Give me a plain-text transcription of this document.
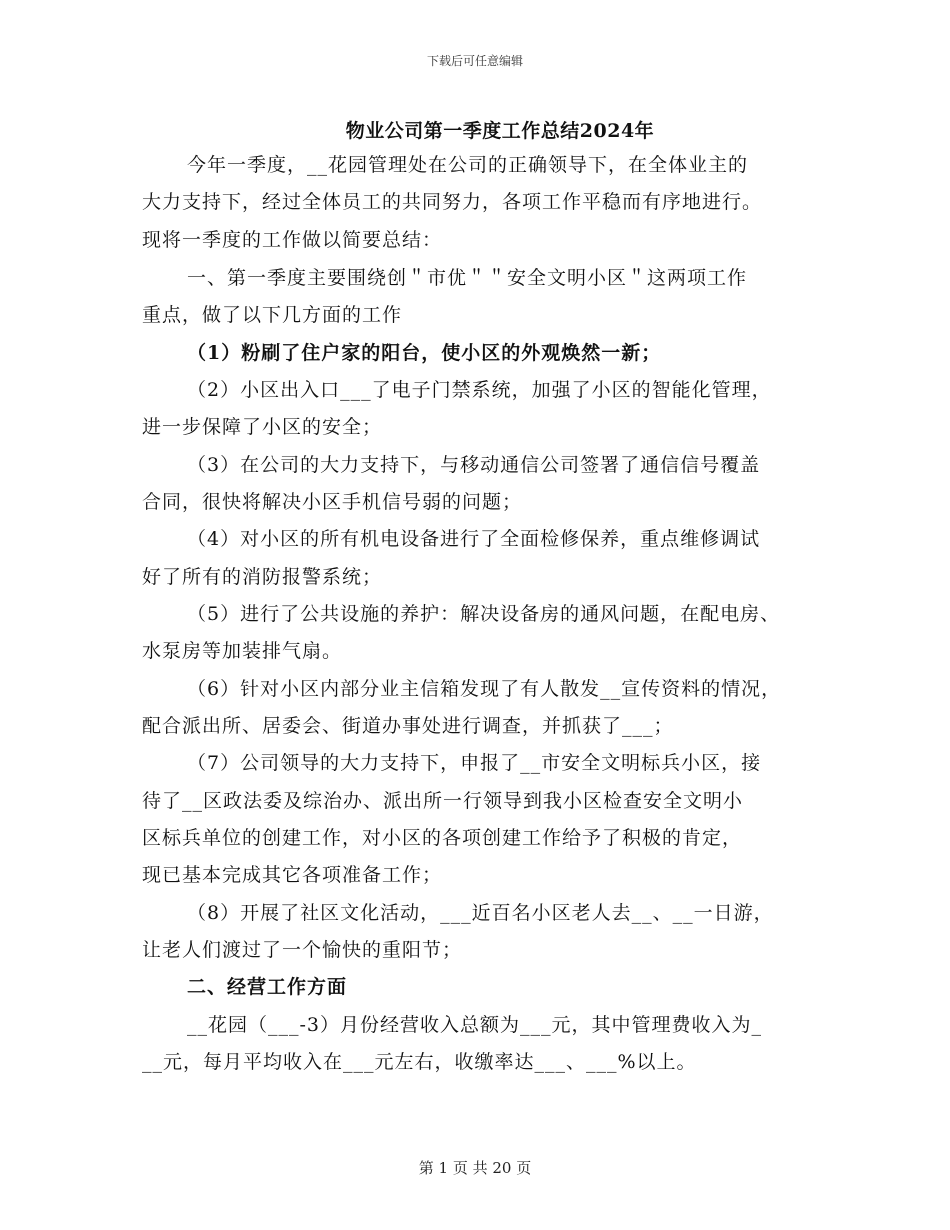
下载后可任意编辑
物业公司第一季度工作总结2024年
今年一季度，__花园管理处在公司的正确领导下，在全体业主的
大力支持下，经过全体员工的共同努力，各项工作平稳而有序地进行。
现将一季度的工作做以简要总结：
一、第一季度主要围绕创＂市优＂＂安全文明小区＂这两项工作
重点，做了以下几方面的工作
（1）粉刷了住户家的阳台，使小区的外观焕然一新；
（2）小区出入口___了电子门禁系统，加强了小区的智能化管理，
进一步保障了小区的安全；
（3）在公司的大力支持下，与移动通信公司签署了通信信号覆盖
合同，很快将解决小区手机信号弱的问题；
（4）对小区的所有机电设备进行了全面检修保养，重点维修调试
好了所有的消防报警系统；
（5）进行了公共设施的养护：解决设备房的通风问题，在配电房、
水泵房等加装排气扇。
（6）针对小区内部分业主信箱发现了有人散发__宣传资料的情况，
配合派出所、居委会、街道办事处进行调查，并抓获了___；
（7）公司领导的大力支持下，申报了__市安全文明标兵小区，接
待了__区政法委及综治办、派出所一行领导到我小区检查安全文明小
区标兵单位的创建工作，对小区的各项创建工作给予了积极的肯定，
现已基本完成其它各项准备工作；
（8）开展了社区文化活动，___近百名小区老人去__、__一日游，
让老人们渡过了一个愉快的重阳节；
二、经营工作方面
__花园（___-3）月份经营收入总额为___元，其中管理费收入为_
__元，每月平均收入在___元左右，收缴率达___、___%以上。
第 1 页 共 20 页
